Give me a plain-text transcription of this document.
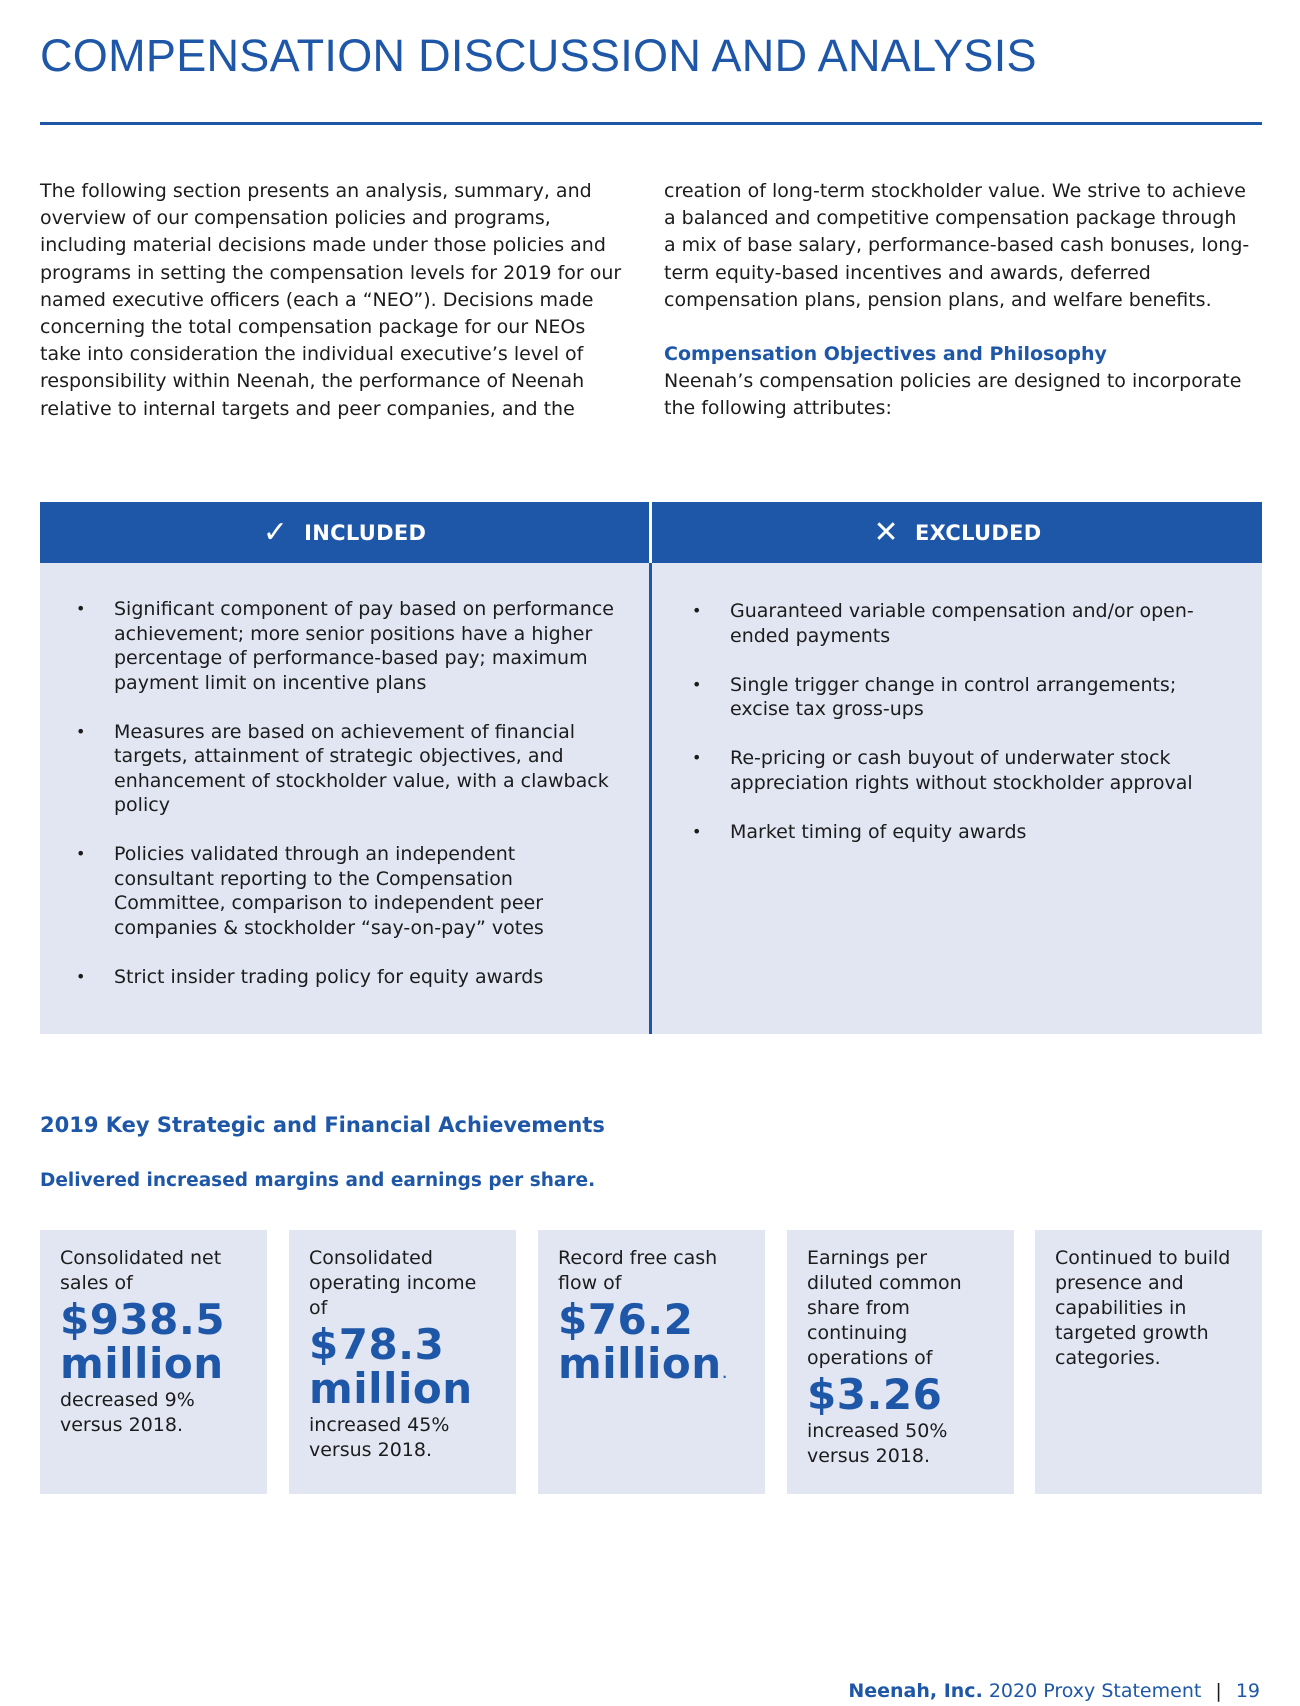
COMPENSATION DISCUSSION AND ANALYSIS

The following section presents an analysis, summary, and overview of our compensation policies and programs, including material decisions made under those policies and programs in setting the compensation levels for 2019 for our named executive officers (each a “NEO”). Decisions made concerning the total compensation package for our NEOs take into consideration the individual executive’s level of responsibility within Neenah, the performance of Neenah relative to internal targets and peer companies, and the

creation of long-term stockholder value. We strive to achieve a balanced and competitive compensation package through a mix of base salary, performance-based cash bonuses, long-term equity-based incentives and awards, deferred compensation plans, pension plans, and welfare benefits.

Compensation Objectives and Philosophy

Neenah’s compensation policies are designed to incorporate the following attributes:

✓ INCLUDED	✕ EXCLUDED
• Significant component of pay based on performance achievement; more senior positions have a higher percentage of performance-based pay; maximum payment limit on incentive plans
• Measures are based on achievement of financial targets, attainment of strategic objectives, and enhancement of stockholder value, with a clawback policy
• Policies validated through an independent consultant reporting to the Compensation Committee, comparison to independent peer companies & stockholder “say-on-pay” votes
• Strict insider trading policy for equity awards
• Guaranteed variable compensation and/or open-ended payments
• Single trigger change in control arrangements; excise tax gross-ups
• Re-pricing or cash buyout of underwater stock appreciation rights without stockholder approval
• Market timing of equity awards
2019 Key Strategic and Financial Achievements

Delivered increased margins and earnings per share.

Consolidated net sales of

$938.5 million

decreased 9% versus 2018.

Consolidated operating income of

$78.3 million

increased 45% versus 2018.

Record free cash flow of

$76.2 million.

Earnings per diluted common share from continuing operations of

$3.26

increased 50% versus 2018.

Continued to build presence and capabilities in targeted growth categories.

Neenah, Inc. 2020 Proxy Statement | 19
